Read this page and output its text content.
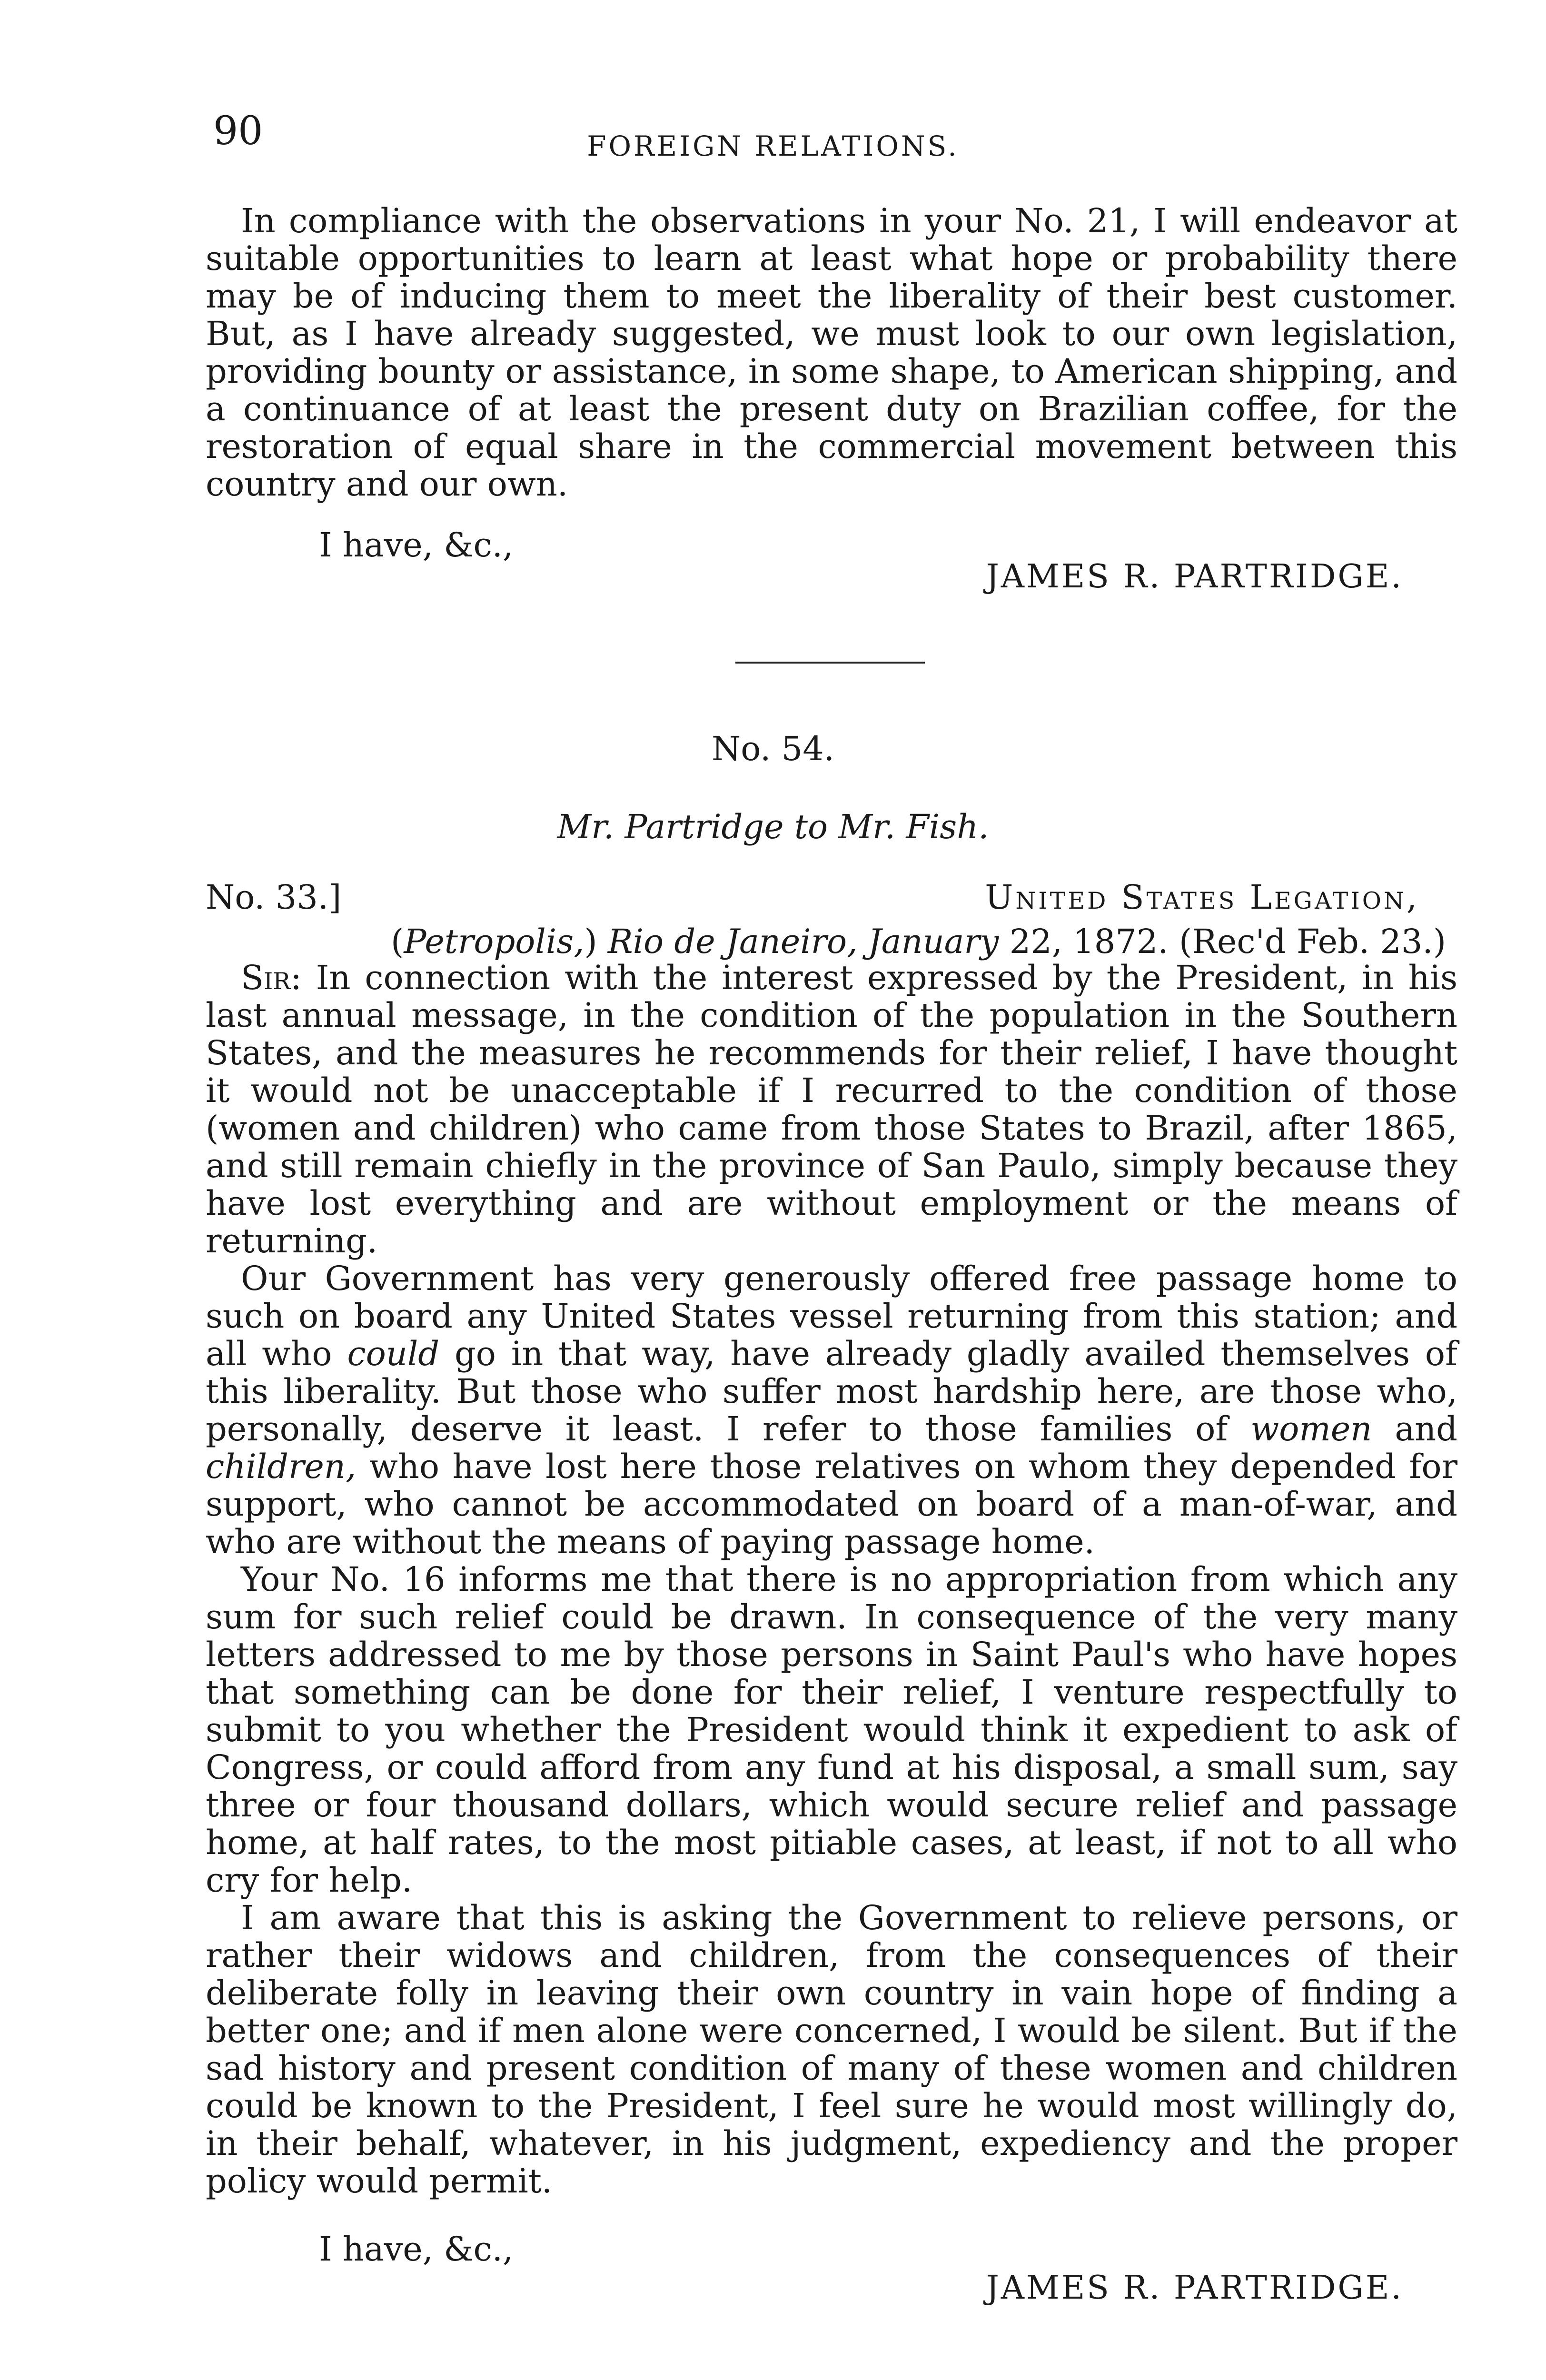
90	FOREIGN RELATIONS.

In compliance with the observations in your No. 21, I will endeavor at suitable opportunities to learn at least what hope or probability there may be of inducing them to meet the liberality of their best customer. But, as I have already suggested, we must look to our own legislation, providing bounty or assistance, in some shape, to American shipping, and a continuance of at least the present duty on Brazilian coffee, for the restoration of equal share in the commercial movement between this country and our own.

I have, &c.,
JAMES R. PARTRIDGE.
No. 54.
Mr. Partridge to Mr. Fish.
No. 33.]	United States Legation,
(Petropolis,) Rio de Janeiro, January 22, 1872. (Rec'd Feb. 23.)

Sir: In connection with the interest expressed by the President, in his last annual message, in the condition of the population in the Southern States, and the measures he recommends for their relief, I have thought it would not be unacceptable if I recurred to the condition of those (women and children) who came from those States to Brazil, after 1865, and still remain chiefly in the province of San Paulo, simply because they have lost everything and are without employment or the means of returning.

Our Government has very generously offered free passage home to such on board any United States vessel returning from this station; and all who could go in that way, have already gladly availed themselves of this liberality. But those who suffer most hardship here, are those who, personally, deserve it least. I refer to those families of women and children, who have lost here those relatives on whom they depended for support, who cannot be accommodated on board of a man-of-war, and who are without the means of paying passage home.

Your No. 16 informs me that there is no appropriation from which any sum for such relief could be drawn. In consequence of the very many letters addressed to me by those persons in Saint Paul's who have hopes that something can be done for their relief, I venture respectfully to submit to you whether the President would think it expedient to ask of Congress, or could afford from any fund at his disposal, a small sum, say three or four thousand dollars, which would secure relief and passage home, at half rates, to the most pitiable cases, at least, if not to all who cry for help.

I am aware that this is asking the Government to relieve persons, or rather their widows and children, from the consequences of their deliberate folly in leaving their own country in vain hope of finding a better one; and if men alone were concerned, I would be silent. But if the sad history and present condition of many of these women and children could be known to the President, I feel sure he would most willingly do, in their behalf, whatever, in his judgment, expediency and the proper policy would permit.

I have, &c.,
JAMES R. PARTRIDGE.
